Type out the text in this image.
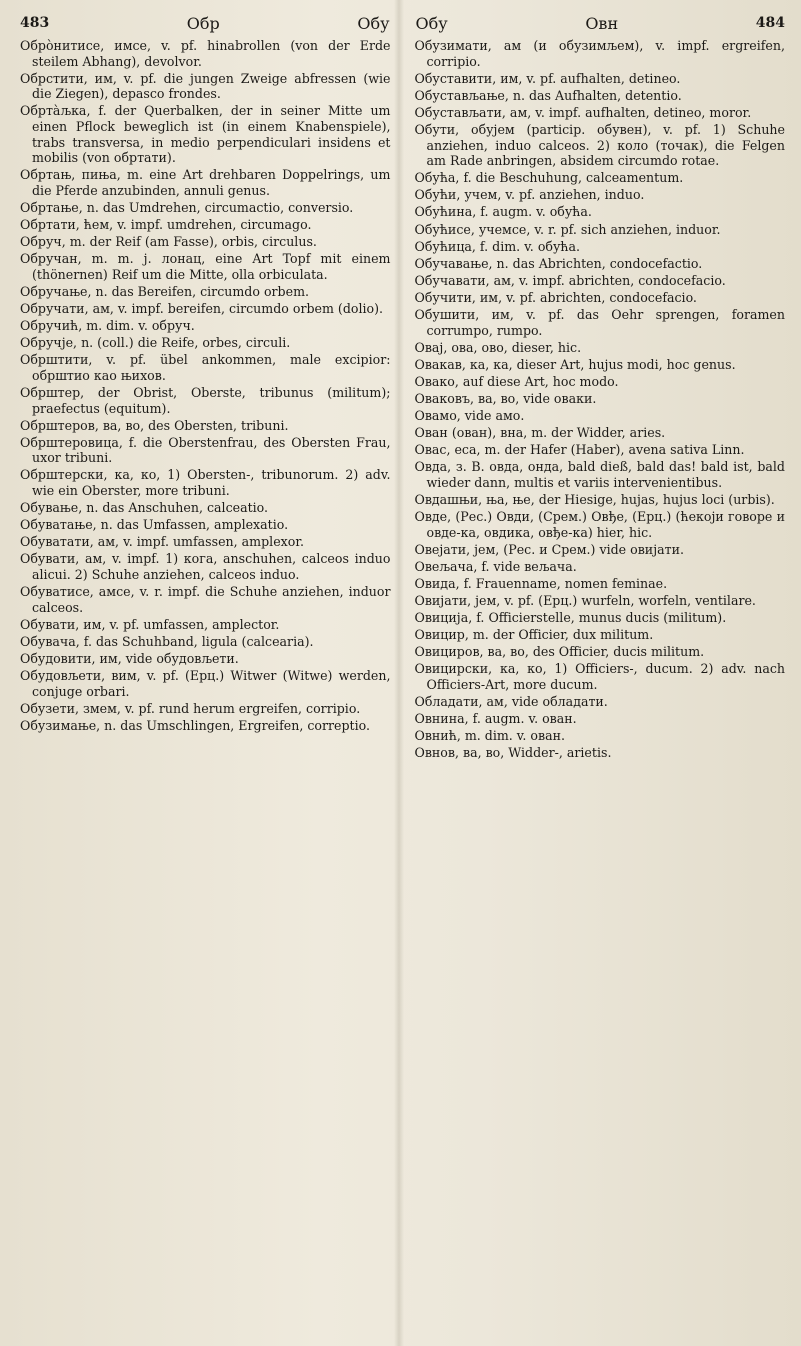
483	Обр	Обу Обу	Овн	484

Обрòнитисе, имсе, v. pf. hinabrollen (von der Erde steilem Abhang), devolvor.

Обрстити, им, v. pf. die jungen Zweige abfressen (wie die Ziegen), depasco frondes.

Обрта̀љка, f. der Querbalken, der in seiner Mitte um einen Pflock beweglich ist (in einem Knabenspiele), trabs transversa, in medio perpendiculari insidens et mobilis (von обртати).

Обртањ, пиња, m. eine Art drehbaren Doppelrings, um die Pferde anzubinden, annuli genus.

Обртање, n. das Umdrehen, circumactio, conversio.

Обртати, ћем, v. impf. umdrehen, circumago.

Обруч, m. der Reif (am Fasse), orbis, circulus.

Обручан, m. m. j. лонац, eine Art Topf mit einem (thönernen) Reif um die Mitte, olla orbiculata.

Обручање, n. das Bereifen, circumdo orbem.

Обручати, ам, v. impf. bereifen, circumdo orbem (dolio).

Обручић, m. dim. v. обруч.

Обручје, n. (coll.) die Reife, orbes, circuli.

Обрштити, v. pf. übel ankommen, male excipior: обрштио као њихов.

Обрштер, der Obrist, Oberste, tribunus (militum); praefectus (equitum).

Обрштеров, ва, во, des Obersten, tribuni.

Обрштеровица, f. die Oberstenfrau, des Obersten Frau, uxor tribuni.

Обрштерски, ка, ко, 1) Obersten-, tribunorum. 2) adv. wie ein Oberster, more tribuni.

Обување, n. das Anschuhen, calceatio.

Обуватање, n. das Umfassen, amplexatio.

Обуватати, ам, v. impf. umfassen, amplexor.

Обувати, ам, v. impf. 1) кога, anschuhen, calceos induo alicui. 2) Schuhe anziehen, calceos induo.

Обуватисе, амсе, v. r. impf. die Schuhe anziehen, induor calceos.

Обувати, им, v. pf. umfassen, amplector.

Обувача, f. das Schuhband, ligula (calcearia).

Обудовити, им, vide обудовљети.

Обудовљети, вим, v. pf. (Ерц.) Witwer (Witwe) werden, conjuge orbari.

Обузети, змем, v. pf. rund herum ergreifen, corripio.

Обузимање, n. das Umschlingen, Ergreifen, correptio.

Обузимати, ам (и обузимљем), v. impf. ergreifen, corripio.

Обуставити, им, v. pf. aufhalten, detineo.

Обустављање, n. das Aufhalten, detentio.

Обустављати, ам, v. impf. aufhalten, detineo, moror.

Обути, обујем (particip. обувен), v. pf. 1) Schuhe anziehen, induo calceos. 2) коло (точак), die Felgen am Rade anbringen, absidem circumdo rotae.

Обућа, f. die Beschuhung, calceamentum.

Обући, учем, v. pf. anziehen, induo.

Обућина, f. augm. v. обућа.

Обућисе, учемсе, v. r. pf. sich anziehen, induor.

Обућица, f. dim. v. обућа.

Обучавање, n. das Abrichten, condocefactio.

Обучавати, ам, v. impf. abrichten, condocefacio.

Обучити, им, v. pf. abrichten, condocefacio.

Обушити, им, v. pf. das Oehr sprengen, foramen corrumpo, rumpo.

Овај, ова, ово, dieser, hic.

Овакав, ка, ка, dieser Art, hujus modi, hoc genus.

Овако, auf diese Art, hoc modo.

Оваковъ, ва, во, vide оваки.

Овамо, vide амо.

Ован (ован), вна, m. der Widder, aries.

Овас, еса, m. der Hafer (Haber), avena sativa Linn.

Овда, з. В. овда, онда, bald dieß, bald das! bald ist, bald wieder dann, multis et variis intervenientibus.

Овдашњи, ња, ње, der Hiesige, hujas, hujus loci (urbis).

Овде, (Рес.) Овди, (Срем.) Овђе, (Ерц.) (ћекоји говоре и овде-ка, овдика, овђе-ка) hier, hic.

Овејати, јем, (Рес. и Срем.) vide овијати.

Овељача, f. vide вељача.

Овида, f. Frauenname, nomen feminae.

Овијати, јем, v. pf. (Ерц.) wurfeln, worfeln, ventilare.

Овицијa, f. Officierstelle, munus ducis (militum).

Овицир, m. der Officier, dux militum.

Овициров, ва, во, des Officier, ducis militum.

Овицирски, ка, ко, 1) Officiers-, ducum. 2) adv. nach Officiers-Art, more ducum.

Обладати, ам, vide обладати.

Овнина, f. augm. v. ован.

Овнић, m. dim. v. ован.

Овнов, ва, во, Widder-, arietis.
